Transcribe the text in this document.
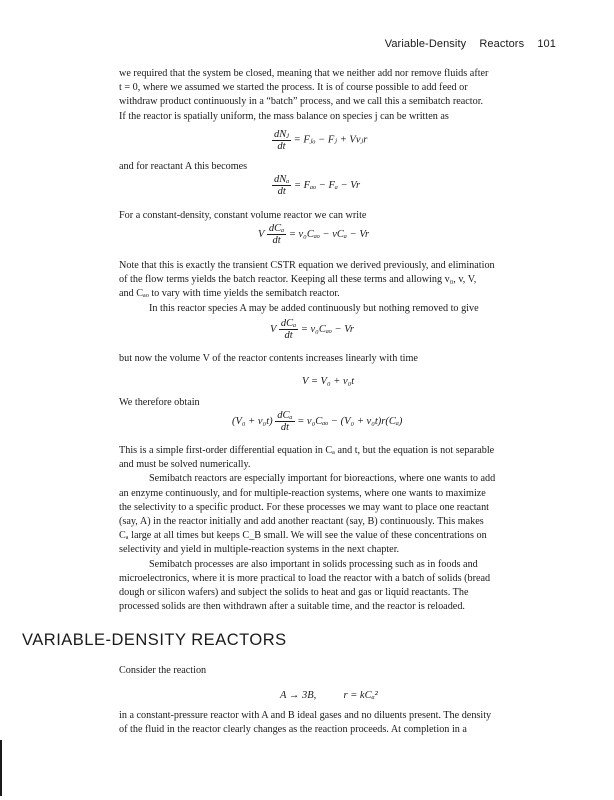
Variable-Density Reactors 101
we required that the system be closed, meaning that we neither add nor remove fluids after
t = 0, where we assumed we started the process. It is of course possible to add feed or
withdraw product continuously in a “batch” process, and we call this a semibatch reactor.
If the reactor is spatially uniform, the mass balance on species j can be written as
$\frac{\text{dNⱼ}}{dt}$ = Fⱼₒ − Fⱼ + Vνⱼr
and for reactant A this becomes
$\frac{\text{dNₐ}}{dt} = F_{ao} - F_a - Vr$
For a constant-density, constant volume reactor we can write
V $\frac{\text{dCₐ}}{dt} = v_0C_{ao} - vC_a - Vr$
Note that this is exactly the transient CSTR equation we derived previously, and elimination
of the flow terms yields the batch reactor. Keeping all these terms and allowing v₀, v, V,
and Cₐₒ to vary with time yields the semibatch reactor.
In this reactor species A may be added continuously but nothing removed to give
V $\frac{\text{dCₐ}}{dt} = v_0C_{ao} - Vr$
but now the volume V of the reactor contents increases linearly with time
V = V₀ + v₀t
We therefore obtain
$(V_0 + v_0t) \frac{\text{dCₐ}}{dt} = v_0C_{ao} - (V_0 + v_0t)r(C_a)$
This is a simple first-order differential equation in Cₐ and t, but the equation is not separable
and must be solved numerically.
Semibatch reactors are especially important for bioreactions, where one wants to add
an enzyme continuously, and for multiple-reaction systems, where one wants to maximize
the selectivity to a specific product. For these processes we may want to place one reactant
(say, A) in the reactor initially and add another reactant (say, B) continuously. This makes
Cₐ large at all times but keeps C_B small. We will see the value of these concentrations on
selectivity and yield in multiple-reaction systems in the next chapter.
Semibatch processes are also important in solids processing such as in foods and
microelectronics, where it is more practical to load the reactor with a batch of solids (bread
dough or silicon wafers) and subject the solids to heat and gas or liquid reactants. The
processed solids are then withdrawn after a suitable time, and the reactor is reloaded.
VARIABLE-DENSITY REACTORS
Consider the reaction
A → 3B,	r = kCₐ²
in a constant-pressure reactor with A and B ideal gases and no diluents present. The density
of the fluid in the reactor clearly changes as the reaction proceeds. At completion in a
